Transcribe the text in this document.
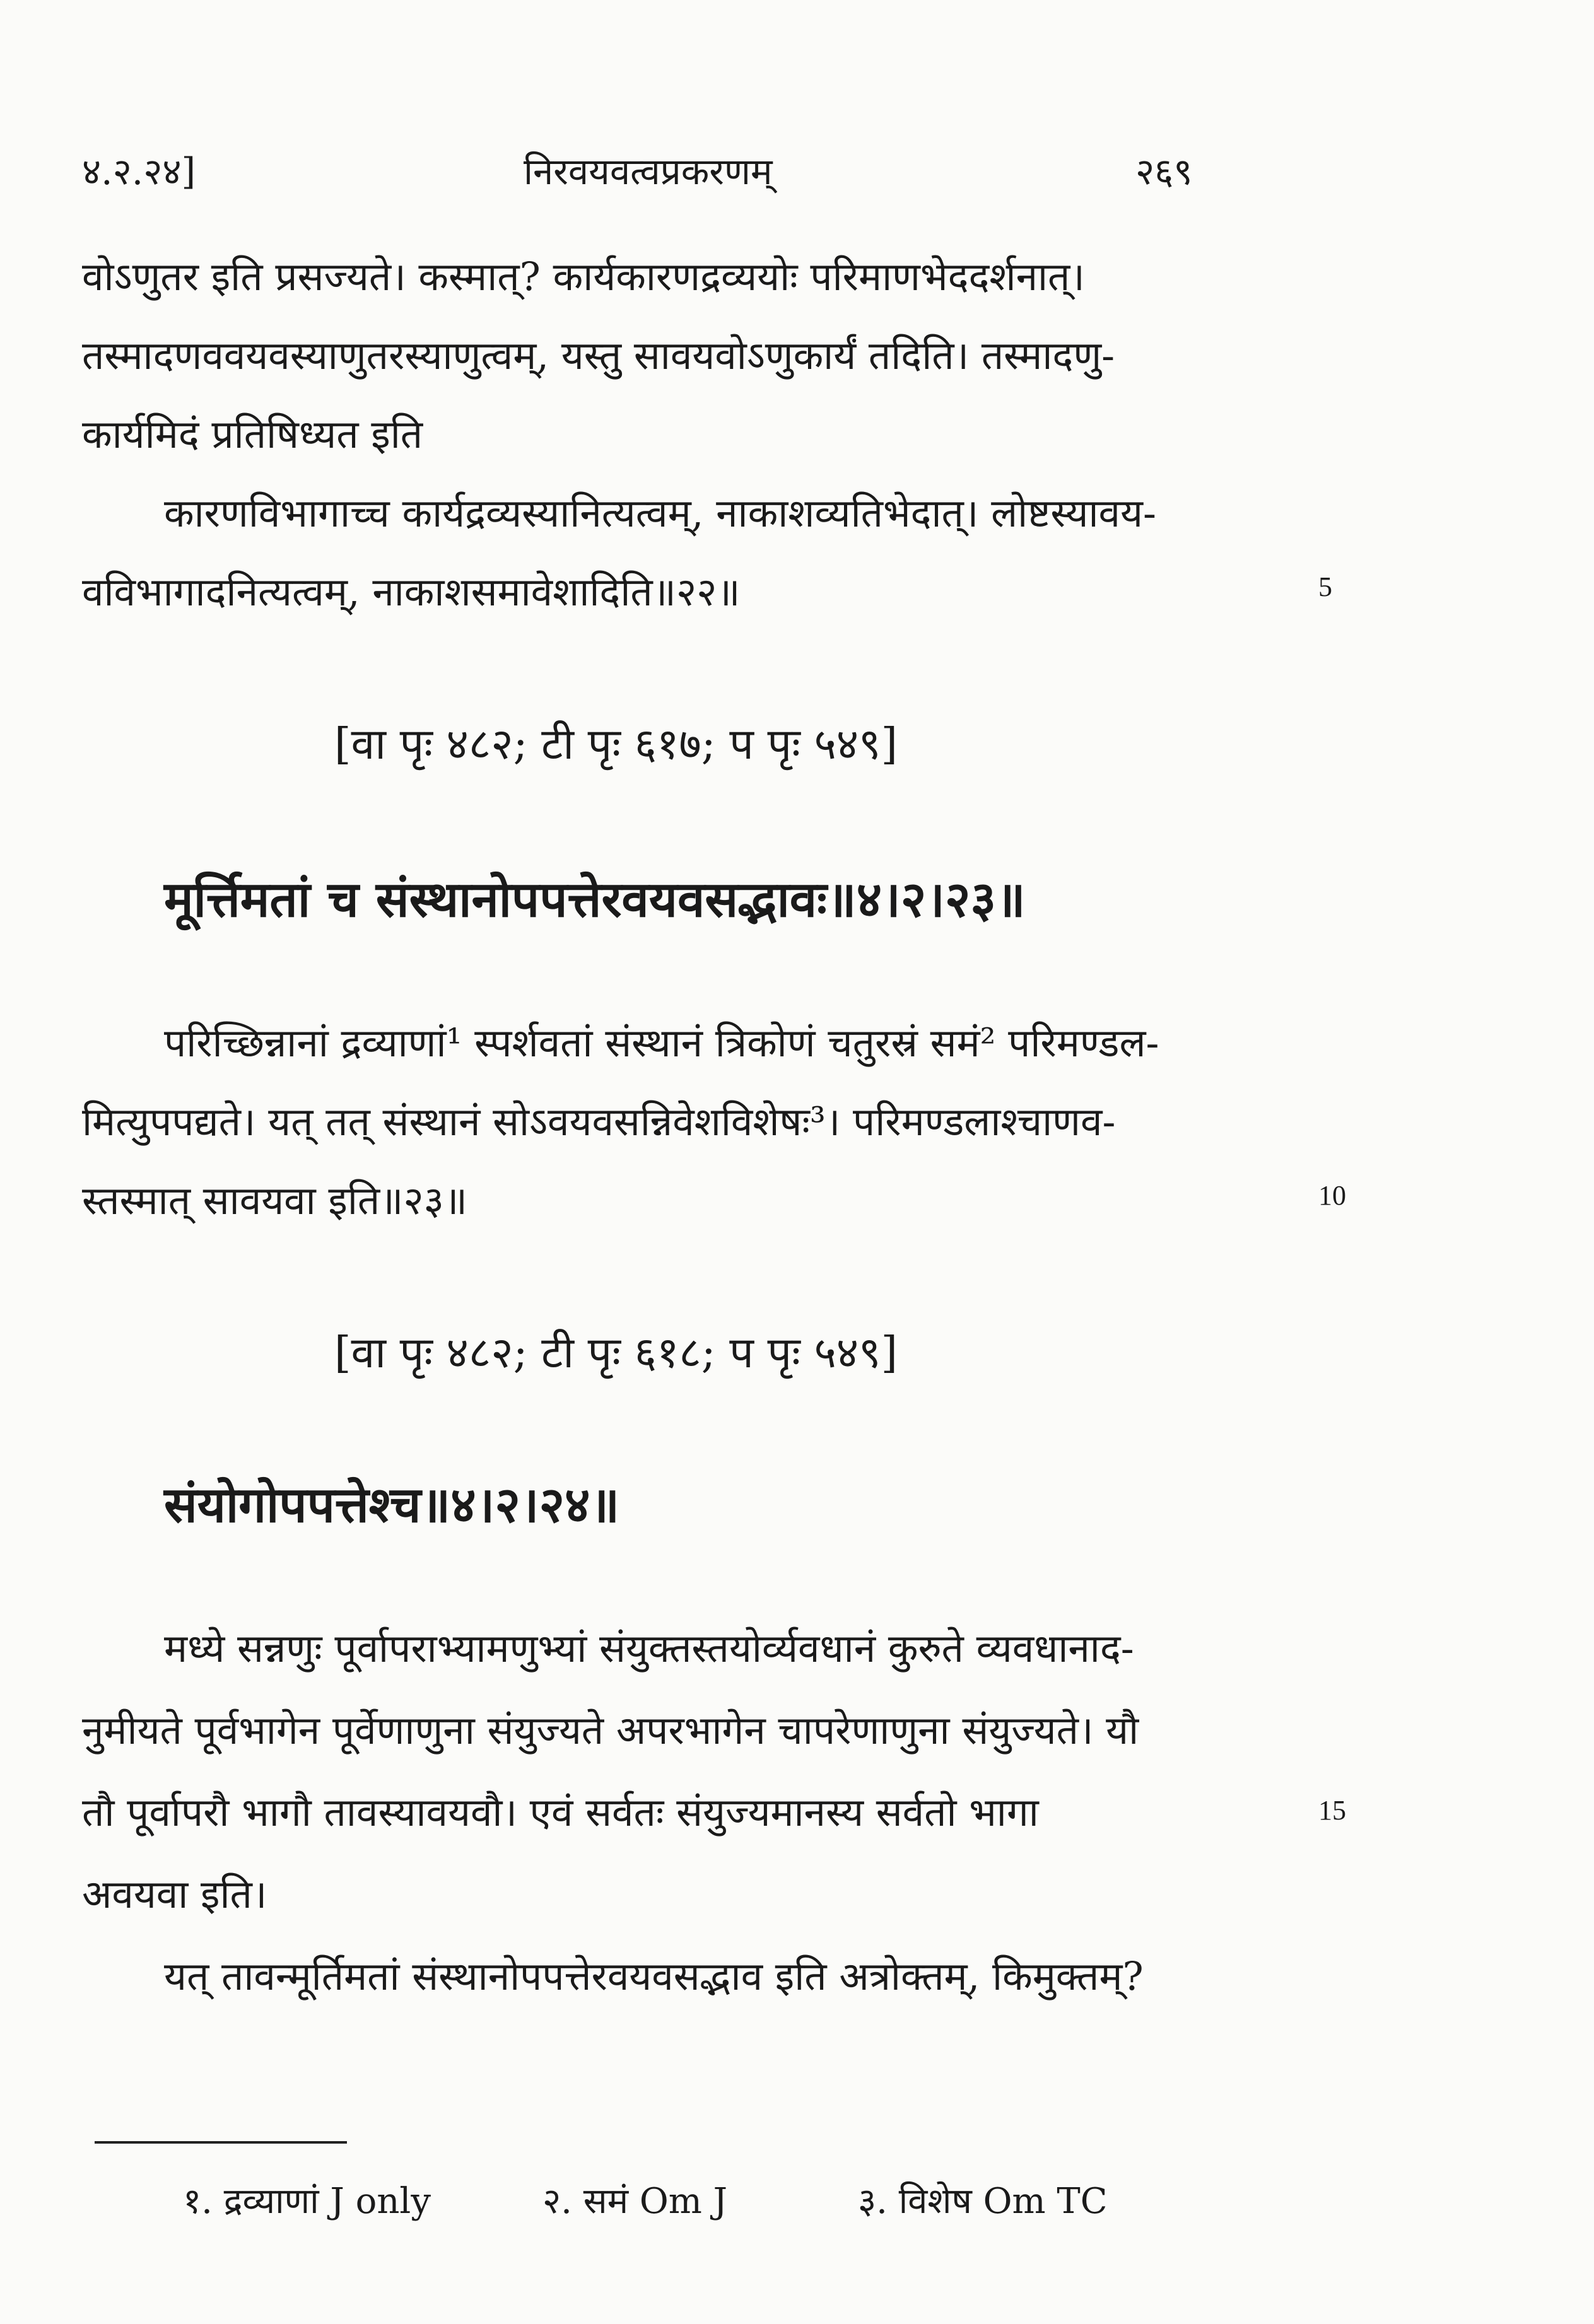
४.२.२४]	निरवयवत्वप्रकरणम्	२६९
वोऽणुतर इति प्रसज्यते। कस्मात्? कार्यकारणद्रव्ययोः परिमाणभेददर्शनात्।
तस्मादणववयवस्याणुतरस्याणुत्वम्, यस्तु सावयवोऽणुकार्यं तदिति। तस्मादणु-
कार्यमिदं प्रतिषिध्यत इति
कारणविभागाच्च कार्यद्रव्यस्यानित्यत्वम्, नाकाशव्यतिभेदात्। लोष्टस्यावय-
वविभागादनित्यत्वम्, नाकाशसमावेशादिति॥२२॥	5
[वा पृः ४८२; टी पृः ६१७; प पृः ५४९]
मूर्त्तिमतां च संस्थानोपपत्तेरवयवसद्भावः॥४।२।२३॥
परिच्छिन्नानां द्रव्याणां¹ स्पर्शवतां संस्थानं त्रिकोणं चतुरस्रं समं² परिमण्डल-
मित्युपपद्यते। यत् तत् संस्थानं सोऽवयवसन्निवेशविशेषः³। परिमण्डलाश्चाणव-
स्तस्मात् सावयवा इति॥२३॥	10
[वा पृः ४८२; टी पृः ६१८; प पृः ५४९]
संयोगोपपत्तेश्च॥४।२।२४॥
मध्ये सन्नणुः पूर्वापराभ्यामणुभ्यां संयुक्तस्तयोर्व्यवधानं कुरुते व्यवधानाद-
नुमीयते पूर्वभागेन पूर्वेणाणुना संयुज्यते अपरभागेन चापरेणाणुना संयुज्यते। यौ
तौ पूर्वापरौ भागौ तावस्यावयवौ। एवं सर्वतः संयुज्यमानस्य सर्वतो भागा	15
अवयवा इति।
यत् तावन्मूर्तिमतां संस्थानोपपत्तेरवयवसद्भाव इति अत्रोक्तम्, किमुक्तम्?
१. द्रव्याणां J only	२. समं Om J	३. विशेष Om TC
